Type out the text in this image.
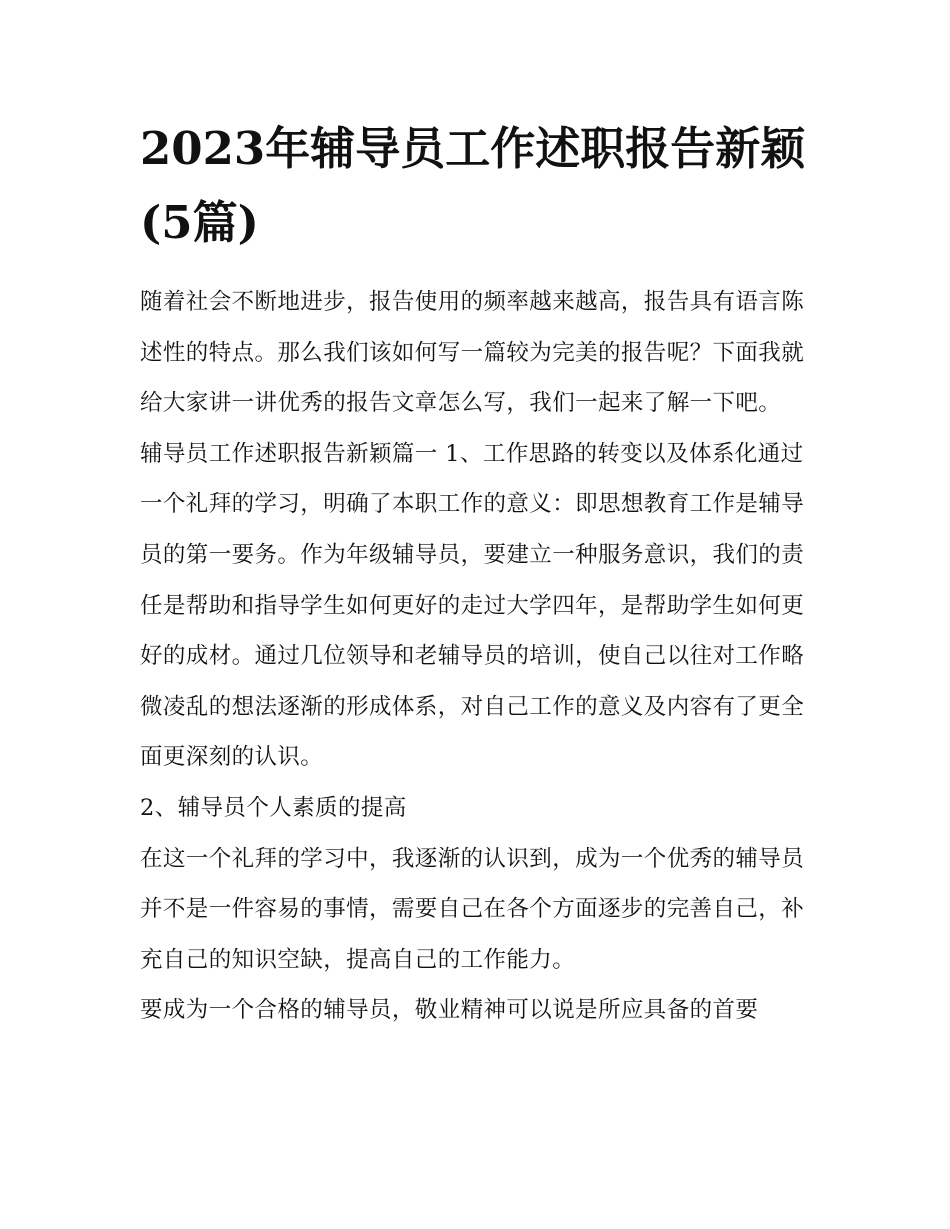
2023年辅导员工作述职报告新颖(5篇)

随着社会不断地进步，报告使用的频率越来越高，报告具有语言陈述性的特点。那么我们该如何写一篇较为完美的报告呢？下面我就给大家讲一讲优秀的报告文章怎么写，我们一起来了解一下吧。

辅导员工作述职报告新颖篇一 1、工作思路的转变以及体系化通过一个礼拜的学习，明确了本职工作的意义：即思想教育工作是辅导员的第一要务。作为年级辅导员，要建立一种服务意识，我们的责任是帮助和指导学生如何更好的走过大学四年，是帮助学生如何更好的成材。通过几位领导和老辅导员的培训，使自己以往对工作略微凌乱的想法逐渐的形成体系，对自己工作的意义及内容有了更全面更深刻的认识。

2、辅导员个人素质的提高

在这一个礼拜的学习中，我逐渐的认识到，成为一个优秀的辅导员并不是一件容易的事情，需要自己在各个方面逐步的完善自己，补充自己的知识空缺，提高自己的工作能力。

要成为一个合格的辅导员，敬业精神可以说是所应具备的首要
